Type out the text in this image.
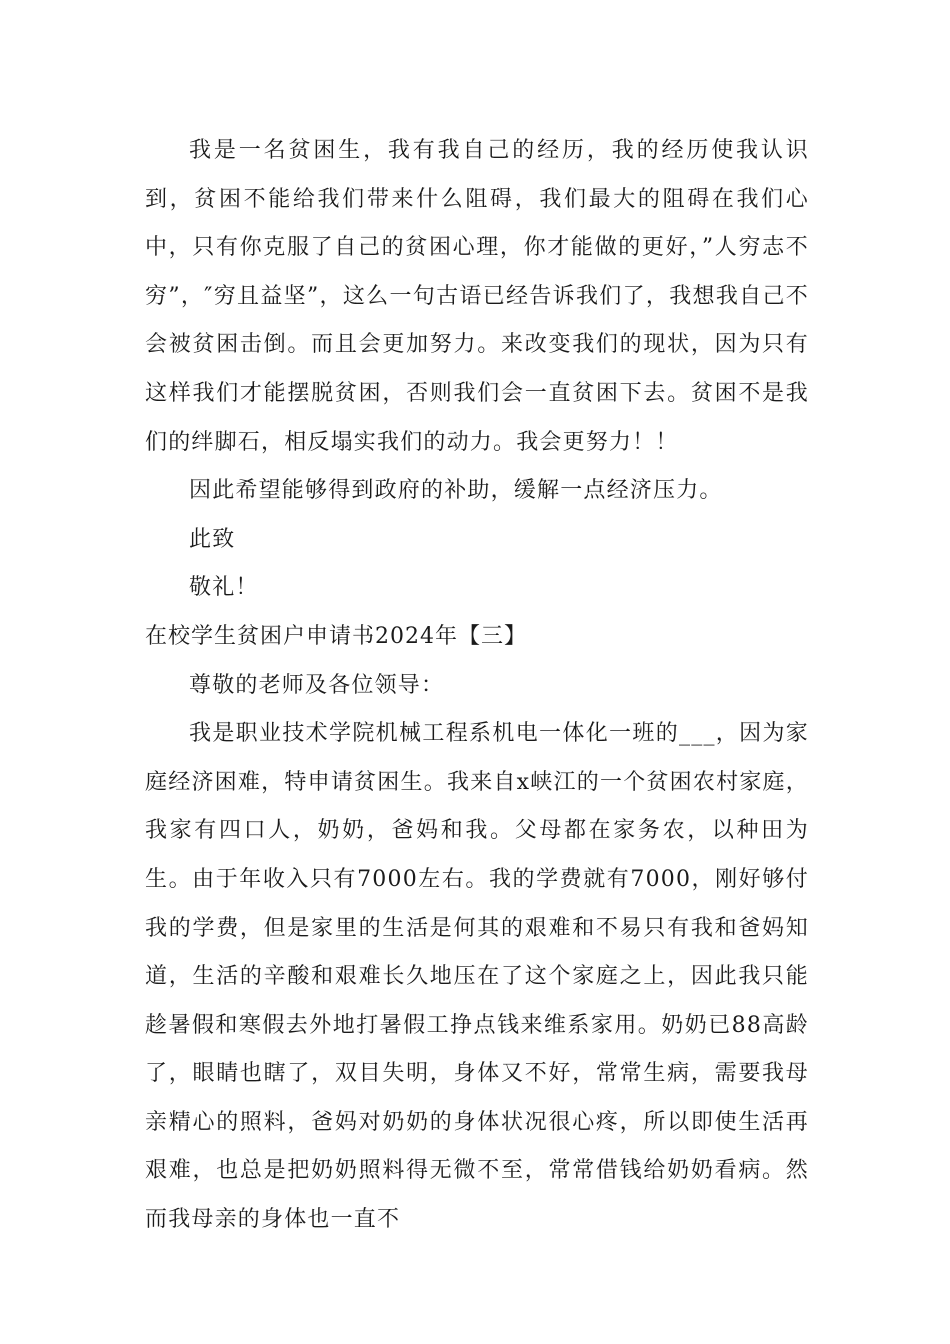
我是一名贫困生，我有我自己的经历，我的经历使我认识到，贫困不能给我们带来什么阻碍，我们最大的阻碍在我们心中，只有你克服了自己的贫困心理，你才能做的更好，”人穷志不穷”，″穷且益坚”，这么一句古语已经告诉我们了，我想我自己不会被贫困击倒。而且会更加努力。来改变我们的现状，因为只有这样我们才能摆脱贫困，否则我们会一直贫困下去。贫困不是我们的绊脚石，相反塌实我们的动力。我会更努力！！

因此希望能够得到政府的补助，缓解一点经济压力。

此致

敬礼！

在校学生贫困户申请书2024年【三】

尊敬的老师及各位领导：

我是职业技术学院机械工程系机电一体化一班的___，因为家庭经济困难，特申请贫困生。我来自x峡江的一个贫困农村家庭，我家有四口人，奶奶，爸妈和我。父母都在家务农，以种田为生。由于年收入只有7000左右。我的学费就有7000，刚好够付我的学费，但是家里的生活是何其的艰难和不易只有我和爸妈知道，生活的辛酸和艰难长久地压在了这个家庭之上，因此我只能趁暑假和寒假去外地打暑假工挣点钱来维系家用。奶奶已88高龄了，眼睛也瞎了，双目失明，身体又不好，常常生病，需要我母亲精心的照料，爸妈对奶奶的身体状况很心疼，所以即使生活再艰难，也总是把奶奶照料得无微不至，常常借钱给奶奶看病。然而我母亲的身体也一直不
